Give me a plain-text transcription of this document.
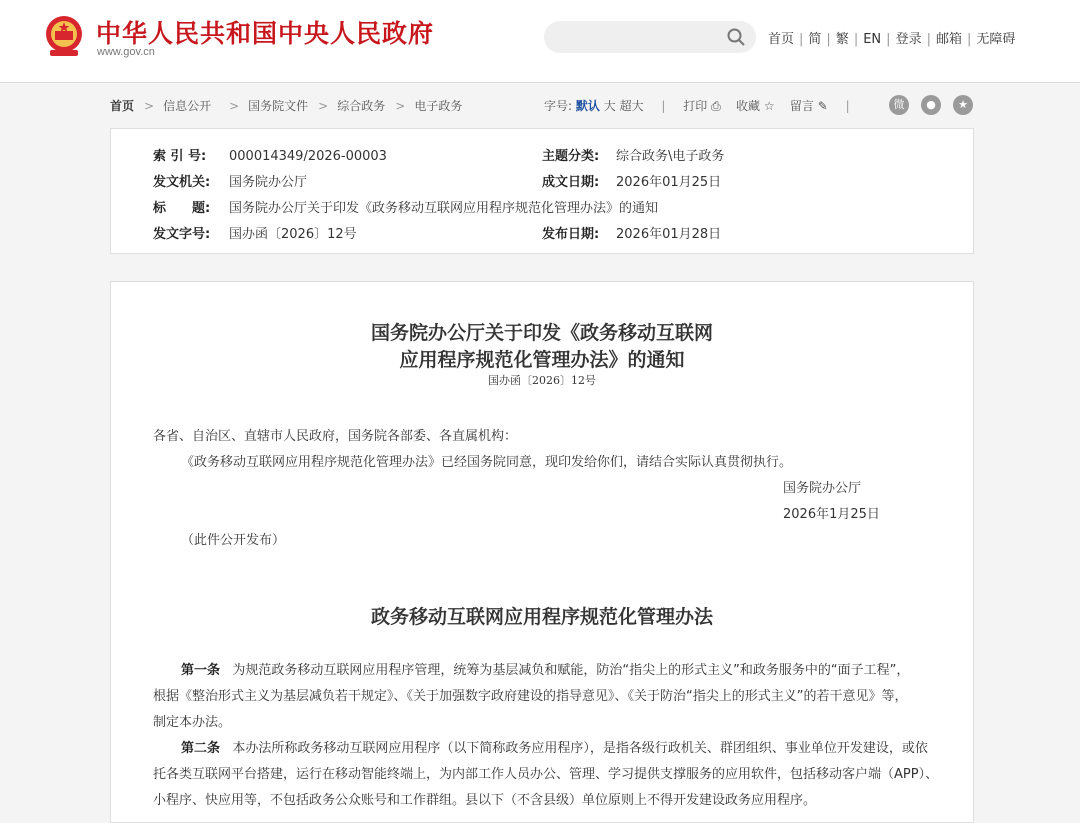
中华人民共和国中央人民政府
www.gov.cn
首页 | 简 | 繁 | EN | 登录 | 邮箱 | 无障碍
首页 > 信息公开 > 国务院文件 > 综合政务 > 电子政务	字号: 默认 大 超大 | 打印 ⎙ 收藏 ☆ 留言 ✎ |	微	●	★
索 引 号: 000014349/2026-00003	主题分类: 综合政务\电子政务
发文机关: 国务院办公厅	成文日期: 2026年01月25日
标　　题: 国务院办公厅关于印发《政务移动互联网应用程序规范化管理办法》的通知
发文字号: 国办函〔2026〕12号	发布日期: 2026年01月28日
国务院办公厅关于印发《政务移动互联网
应用程序规范化管理办法》的通知
国办函〔2026〕12号
各省、自治区、直辖市人民政府，国务院各部委、各直属机构：
《政务移动互联网应用程序规范化管理办法》已经国务院同意，现印发给你们，请结合实际认真贯彻执行。
国务院办公厅
2026年1月25日
（此件公开发布）
政务移动互联网应用程序规范化管理办法
第一条 为规范政务移动互联网应用程序管理，统筹为基层减负和赋能，防治“指尖上的形式主义”和政务服务中的“面子工程”，
根据《整治形式主义为基层减负若干规定》、《关于加强数字政府建设的指导意见》、《关于防治“指尖上的形式主义”的若干意见》等，
制定本办法。
第二条 本办法所称政务移动互联网应用程序（以下简称政务应用程序），是指各级行政机关、群团组织、事业单位开发建设，或依
托各类互联网平台搭建，运行在移动智能终端上，为内部工作人员办公、管理、学习提供支撑服务的应用软件，包括移动客户端（APP）、
小程序、快应用等，不包括政务公众账号和工作群组。县以下（不含县级）单位原则上不得开发建设政务应用程序。
